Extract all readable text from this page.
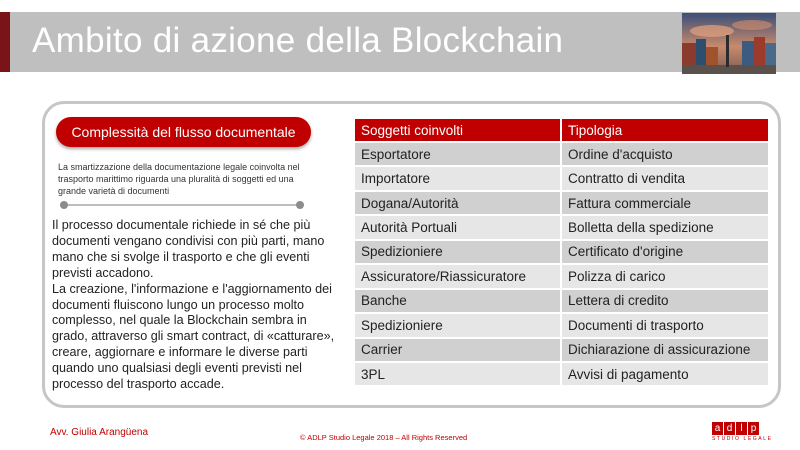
Ambito di azione della Blockchain
Complessità del flusso documentale
La smartizzazione della documentazione legale coinvolta nel trasporto marittimo riguarda una pluralità di soggetti ed una grande varietà di documenti

Il processo documentale richiede in sé che più documenti vengano condivisi con più parti, mano mano che si svolge il trasporto e che gli eventi previsti accadono.

La creazione, l'informazione e l'aggiornamento dei documenti fluiscono lungo un processo molto complesso, nel quale la Blockchain sembra in grado, attraverso gli smart contract, di «catturare», creare, aggiornare e informare le diverse parti quando uno qualsiasi degli eventi previsti nel processo del trasporto accade.

Soggetti coinvolti	Tipologia
Esportatore	Ordine d'acquisto
Importatore	Contratto di vendita
Dogana/Autorità	Fattura commerciale
Autorità Portuali	Bolletta della spedizione
Spedizioniere	Certificato d'origine
Assicuratore/Riassicuratore	Polizza di carico
Banche	Lettera di credito
Spedizioniere	Documenti di trasporto
Carrier	Dichiarazione di assicurazione
3PL	Avvisi di pagamento
Avv. Giulia Arangüena	© ADLP Studio Legale 2018 – All Rights Reserved
a d l p
STUDIO LEGALE
